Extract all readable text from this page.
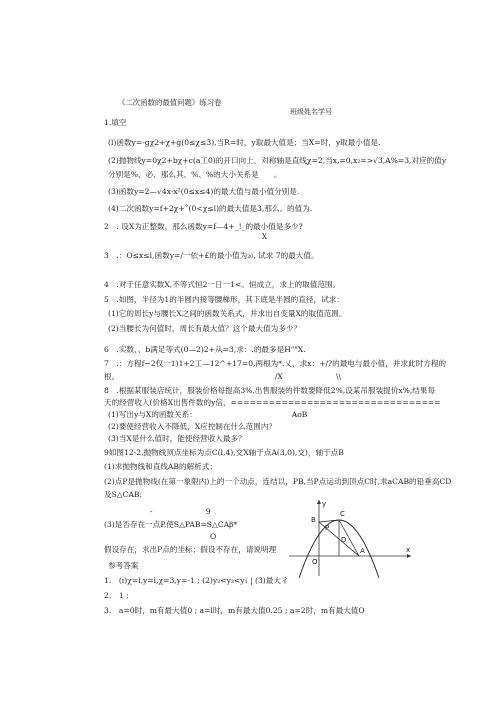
《二次函数的最值问题》练习卷
班级姓名学号
1.填空
(l)函数y=-gχ2+χ+g(0≤χ≤3),当R=时，y取最大值是；当X=时，y取最小值是.
(2)抛物线y=0χ2+bχ+c(a工0)的开口向上，对称轴是直线χ=2,当x,=0,x₂=>√3,A%=3,对应的值y
分别是%、必、那么其、%、%的大小关系是　　。
(3)函数y=2—√4x-x²(0≤x≤4)的最大值与最小值分别是.
(4)二次函数y=f+2χ+˚(0<χ≤l)的最大值是3,那么。的值为.
2　. 设X为正整数，那么函数y=f—4+_!_的最小值是多少?
X
3　.：O≤x≤l,函数y=/一依+£的最小值为₂₀, 试求 7的最大值。
4　.对于任意实数X,不等式恒2一日一1<。恒成立，求上的取值范围。
5　.如图，半径为1的半圆内接等腰梯形，其下底是半圆的直径，试求：
(1)它的周长y与腰长X之间的函数关系式，并求出自变量X的取值范围。
(2)当腰长为何值时，周长有最大值？这个最大值为多少？
6　.实数、、b满足等式(0—2)2+从=3,求：.的最多是H""X.
7　.：方程f−2仅一1)1+2工—12^+17=0,两根为*.乂，求x：+/?的最电与最小值，并求此时方程的
根。　　　　　　　　　　　　　　　　　　　　　/X　　　　　　　\\
8　.根据某服装店统计，服装价格每提高3%,出售服装的件数要降低2%,设某吊服装提价x%,结果每
天的经营收入(价格X出售件数的y倍，=================================
(1)写出y与X的函数关系：　　　　　　　　　　　　　AoB
(2)要使经营收入不降低，X应控制在什么范围内？
(3)当X是什么值时，能使经营收入最多？
9如图12-2,抛物线顶点坐标为点C(l,4),交X轴于点A(3,0),交)，轴于点B
(1)求抛物线和直线AB的解析式；
(2)点P是抛物线(在第一象限内)上的一个动点，连结以，PB,当P点运动到顶点C时,求aCAB的铅垂高CD
及S△CAB:
-　　　　　　　9
(3)是否存在一点P,使S△PAB=S△CAβ*
O
假设存在，求出P点的坐标；假设不存在，请说明理
参考答案
1.　(i)χ=l,y=l,χ=3,y=-1 ; (2)y₂<y₃<y₁ | (3)最大彳
2.　1 ;
3.　a=0时，m有最大值0 ; a=l时，m有最大值0.25 ; a=2时，m有最大值O
C
B
P
D
A
O
x
y
